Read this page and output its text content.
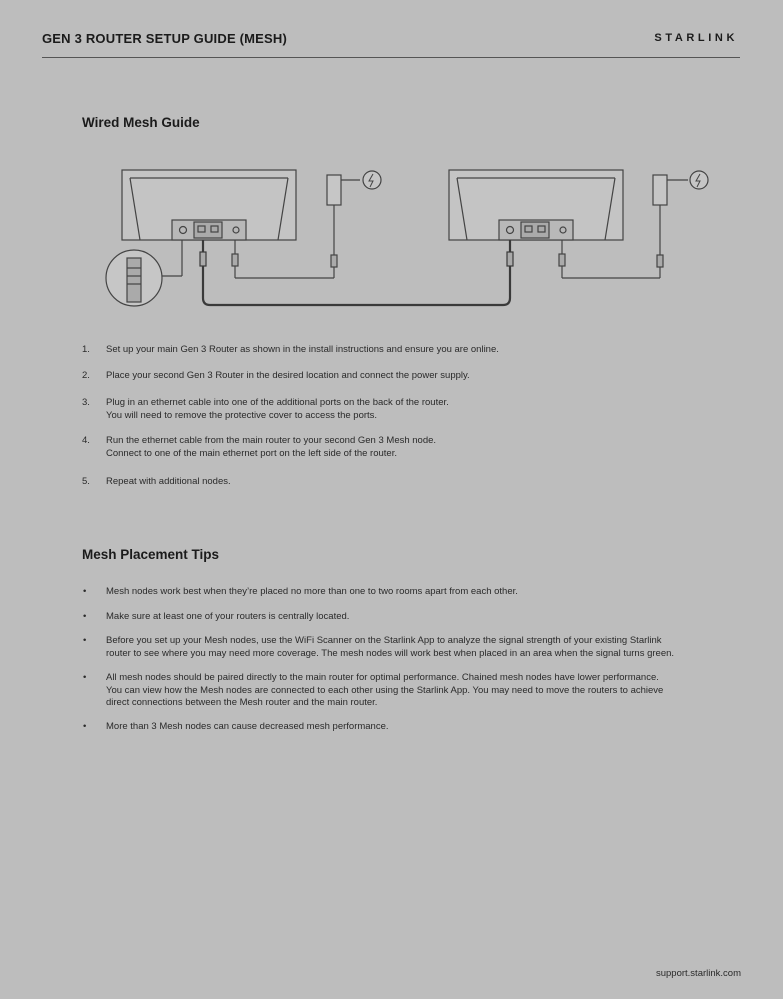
GEN 3 ROUTER SETUP GUIDE (MESH)	STARLINK
Wired Mesh Guide
1. Set up your main Gen 3 Router as shown in the install instructions and ensure you are online.
2. Place your second Gen 3 Router in the desired location and connect the power supply.
3. Plug in an ethernet cable into one of the additional ports on the back of the router.
You will need to remove the protective cover to access the ports.
4. Run the ethernet cable from the main router to your second Gen 3 Mesh node.
Connect to one of the main ethernet port on the left side of the router.
5. Repeat with additional nodes.
Mesh Placement Tips
• Mesh nodes work best when they’re placed no more than one to two rooms apart from each other.
• Make sure at least one of your routers is centrally located.
• Before you set up your Mesh nodes, use the WiFi Scanner on the Starlink App to analyze the signal strength of your existing Starlink
router to see where you may need more coverage. The mesh nodes will work best when placed in an area when the signal turns green.
• All mesh nodes should be paired directly to the main router for optimal performance. Chained mesh nodes have lower performance.
You can view how the Mesh nodes are connected to each other using the Starlink App. You may need to move the routers to achieve
direct connections between the Mesh router and the main router.
• More than 3 Mesh nodes can cause decreased mesh performance.
support.starlink.com
